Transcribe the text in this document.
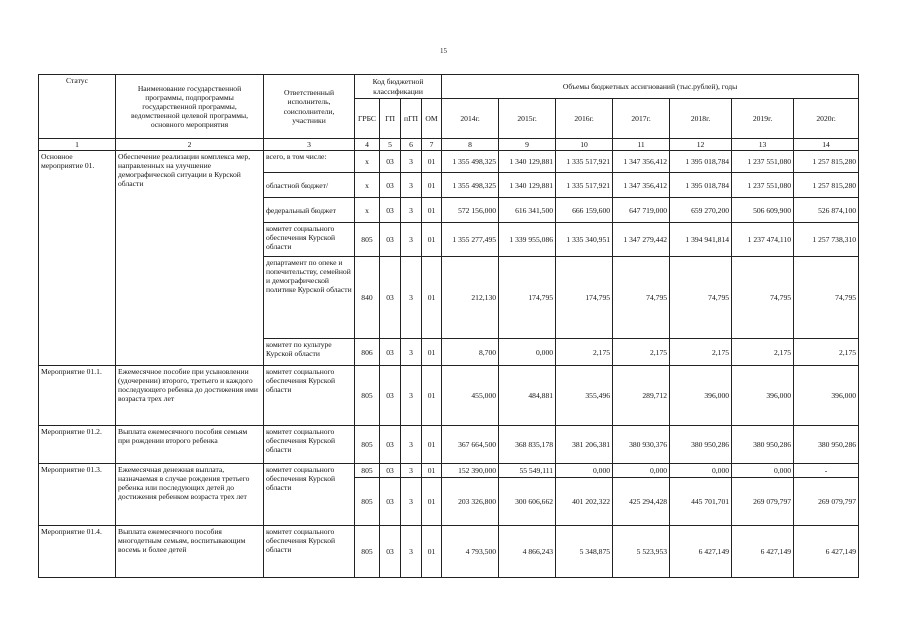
15
Статус	Наименование государственной программы, подпрограммы государственной программы, ведомственной целевой программы, основного мероприятия	Ответственный исполнитель, соисполнители, участники	Код бюджетной классификации				Объемы бюджетных ассигнований (тыс.рублей), годы						
			ГРБС	ГП	пГП	ОМ	2014г.	2015г.	2016г.	2017г.	2018г.	2019г.	2020г.
1	2	3	4	5	6	7	8	9	10	11	12	13	14
Основное мероприятие 01.	Обеспечение реализации комплекса мер, направленных на улучшение демографической ситуации в Курской области	всего, в том числе:	х	03	3	01	1 355 498,325	1 340 129,881	1 335 517,921	1 347 356,412	1 395 018,784	1 237 551,080	1 257 815,280
		областной бюджет/	х	03	3	01	1 355 498,325	1 340 129,881	1 335 517,921	1 347 356,412	1 395 018,784	1 237 551,080	1 257 815,280
		федеральный бюджет	х	03	3	01	572 156,000	616 341,500	666 159,600	647 719,000	659 270,200	506 609,900	526 874,100
		комитет социального обеспечения Курской области	805	03	3	01	1 355 277,495	1 339 955,086	1 335 340,951	1 347 279,442	1 394 941,814	1 237 474,110	1 257 738,310
		департамент по опеке и попечительству, семейной и демографической политике Курской области	840	03	3	01	212,130	174,795	174,795	74,795	74,795	74,795	74,795
		комитет по культуре Курской области	806	03	3	01	8,700	0,000	2,175	2,175	2,175	2,175	2,175
Мероприятие 01.1.	Ежемесячное пособие при усыновлении (удочерении) второго, третьего и каждого последующего ребенка до достижения ими возраста трех лет	комитет социального обеспечения Курской области	805	03	3	01	455,000	484,881	355,496	289,712	396,000	396,000	396,000
Мероприятие 01.2.	Выплата ежемесячного пособия семьям при рождении второго ребенка	комитет социального обеспечения Курской области	805	03	3	01	367 664,500	368 835,178	381 206,381	380 930,376	380 950,286	380 950,286	380 950,286
Мероприятие 01.3.	Ежемесячная денежная выплата, назначаемая в случае рождения третьего ребенка или последующих детей до достижения ребенком возраста трех лет	комитет социального обеспечения Курской области	805	03	3	01	152 390,000	55 549,111	0,000	0,000	0,000	0,000	-
			805	03	3	01	203 326,800	300 606,662	401 202,322	425 294,428	445 701,701	269 079,797	269 079,797
Мероприятие 01.4.	Выплата ежемесячного пособия многодетным семьям, воспитывающим восемь и более детей	комитет социального обеспечения Курской области	805	03	3	01	4 793,500	4 866,243	5 348,875	5 523,953	6 427,149	6 427,149	6 427,149
